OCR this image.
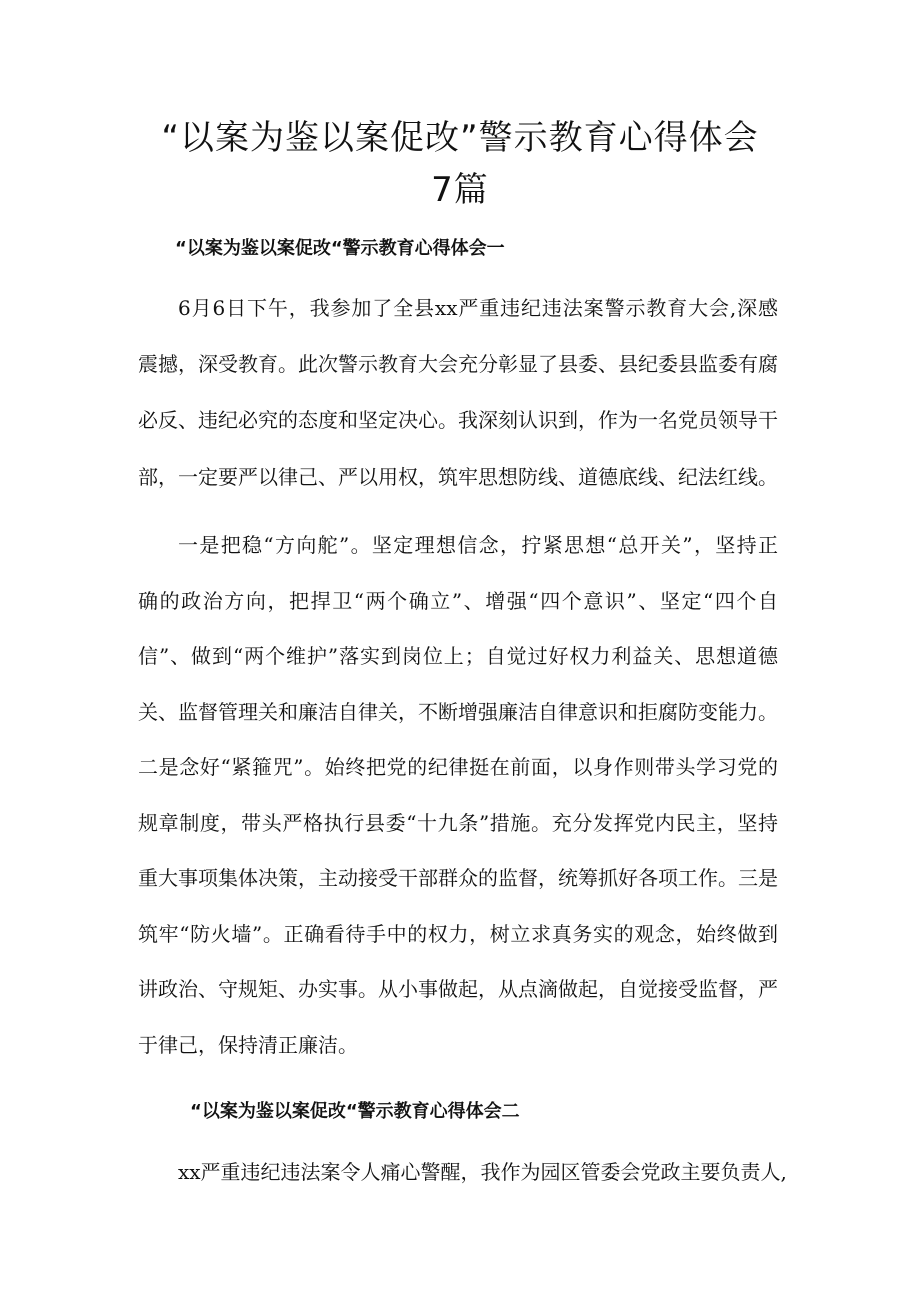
“以案为鉴以案促改”警示教育心得体会
7篇
“以案为鉴以案促改“警示教育心得体会一
6月6日下午，我参加了全县xx严重违纪违法案警示教育大会,深感
震撼，深受教育。此次警示教育大会充分彰显了县委、县纪委县监委有腐
必反、违纪必究的态度和坚定决心。我深刻认识到，作为一名党员领导干
部，一定要严以律己、严以用权，筑牢思想防线、道德底线、纪法红线。
一是把稳“方向舵”。坚定理想信念，拧紧思想“总开关”，坚持正
确的政治方向，把捍卫“两个确立”、增强“四个意识”、坚定“四个自
信”、做到“两个维护”落实到岗位上；自觉过好权力利益关、思想道德
关、监督管理关和廉洁自律关，不断增强廉洁自律意识和拒腐防变能力。
二是念好“紧箍咒”。始终把党的纪律挺在前面，以身作则带头学习党的
规章制度，带头严格执行县委“十九条”措施。充分发挥党内民主，坚持
重大事项集体决策，主动接受干部群众的监督，统筹抓好各项工作。三是
筑牢“防火墙”。正确看待手中的权力，树立求真务实的观念，始终做到
讲政治、守规矩、办实事。从小事做起，从点滴做起，自觉接受监督，严
于律己，保持清正廉洁。
“以案为鉴以案促改“警示教育心得体会二
xx严重违纪违法案令人痛心警醒，我作为园区管委会党政主要负责人,
